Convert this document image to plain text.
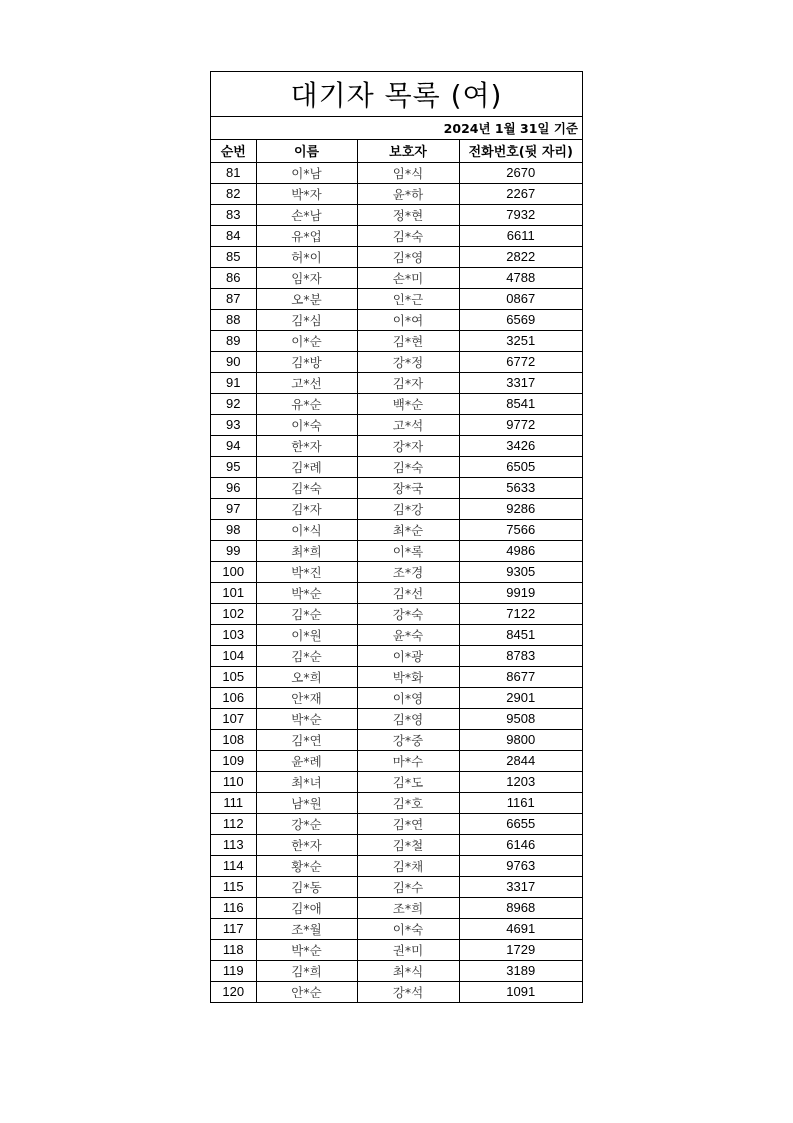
대기자 목록 (여)
2024년 1월 31일 기준
순번	이름	보호자	전화번호(뒷 자리)
81	이*남	임*식	2670
82	박*자	윤*하	2267
83	손*남	정*현	7932
84	유*업	김*숙	6611
85	허*이	김*영	2822
86	임*자	손*미	4788
87	오*분	인*근	0867
88	김*심	이*여	6569
89	이*순	김*현	3251
90	김*방	강*정	6772
91	고*선	김*자	3317
92	유*순	백*순	8541
93	이*숙	고*석	9772
94	한*자	강*자	3426
95	김*례	김*숙	6505
96	김*숙	장*국	5633
97	김*자	김*강	9286
98	이*식	최*순	7566
99	최*희	이*록	4986
100	박*진	조*경	9305
101	박*순	김*선	9919
102	김*순	강*숙	7122
103	이*원	윤*숙	8451
104	김*순	이*광	8783
105	오*희	박*화	8677
106	안*재	이*영	2901
107	박*순	김*영	9508
108	김*연	강*중	9800
109	윤*례	마*수	2844
110	최*녀	김*도	1203
111	남*원	김*호	1161
112	강*순	김*연	6655
113	한*자	김*철	6146
114	황*순	김*채	9763
115	김*동	김*수	3317
116	김*애	조*희	8968
117	조*월	이*숙	4691
118	박*순	권*미	1729
119	김*희	최*식	3189
120	안*순	강*석	1091
